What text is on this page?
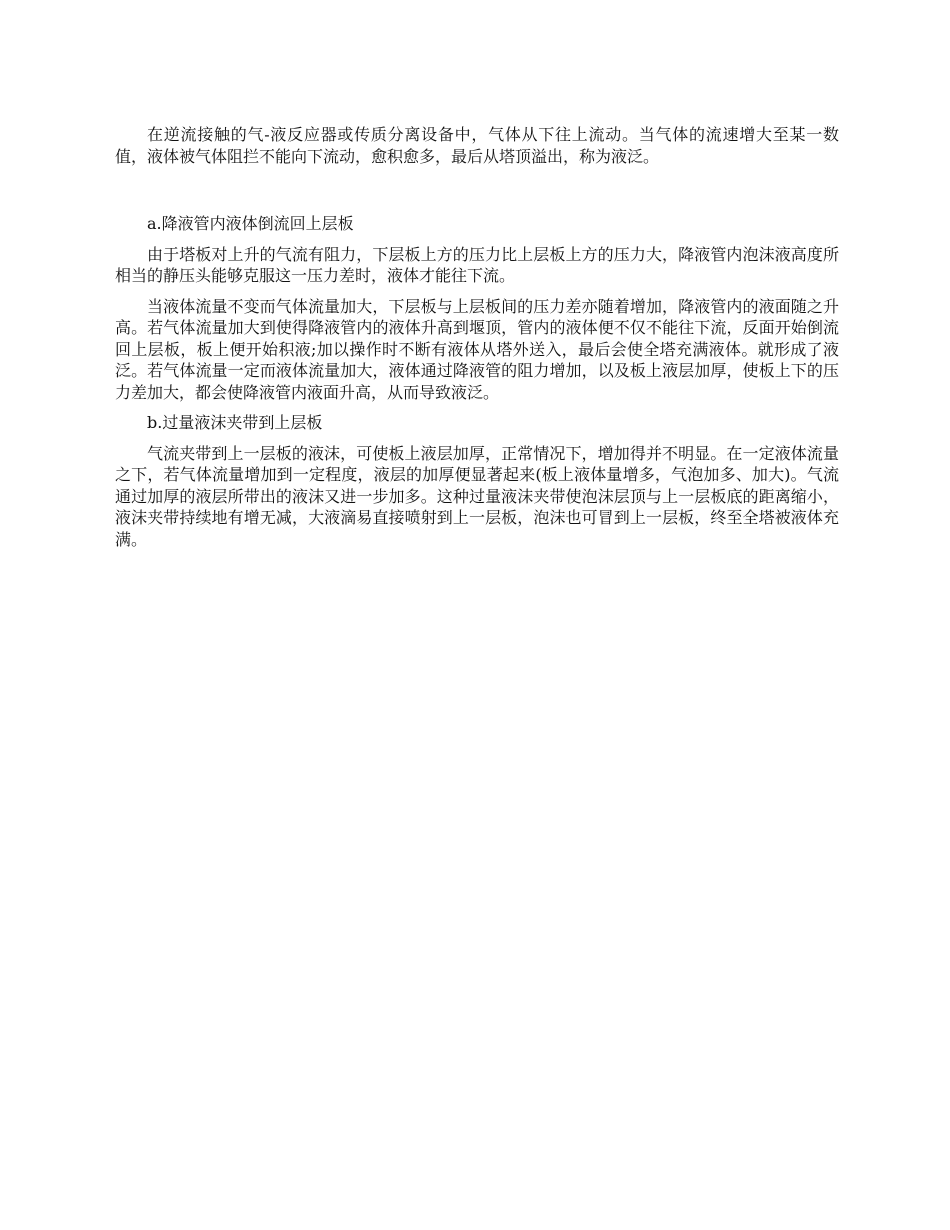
在逆流接触的气-液反应器或传质分离设备中，气体从下往上流动。当气体的流速增大至某一数值，液体被气体阻拦不能向下流动，愈积愈多，最后从塔顶溢出，称为液泛。

a.降液管内液体倒流回上层板

由于塔板对上升的气流有阻力，下层板上方的压力比上层板上方的压力大，降液管内泡沫液高度所相当的静压头能够克服这一压力差时，液体才能往下流。

当液体流量不变而气体流量加大，下层板与上层板间的压力差亦随着增加，降液管内的液面随之升高。若气体流量加大到使得降液管内的液体升高到堰顶，管内的液体便不仅不能往下流，反面开始倒流回上层板，板上便开始积液;加以操作时不断有液体从塔外送入，最后会使全塔充满液体。就形成了液泛。若气体流量一定而液体流量加大，液体通过降液管的阻力增加，以及板上液层加厚，使板上下的压力差加大，都会使降液管内液面升高，从而导致液泛。

b.过量液沫夹带到上层板

气流夹带到上一层板的液沫，可使板上液层加厚，正常情况下，增加得并不明显。在一定液体流量之下，若气体流量增加到一定程度，液层的加厚便显著起来(板上液体量增多，气泡加多、加大)。气流通过加厚的液层所带出的液沫又进一步加多。这种过量液沫夹带使泡沫层顶与上一层板底的距离缩小，液沫夹带持续地有增无减，大液滴易直接喷射到上一层板，泡沫也可冒到上一层板，终至全塔被液体充满。
